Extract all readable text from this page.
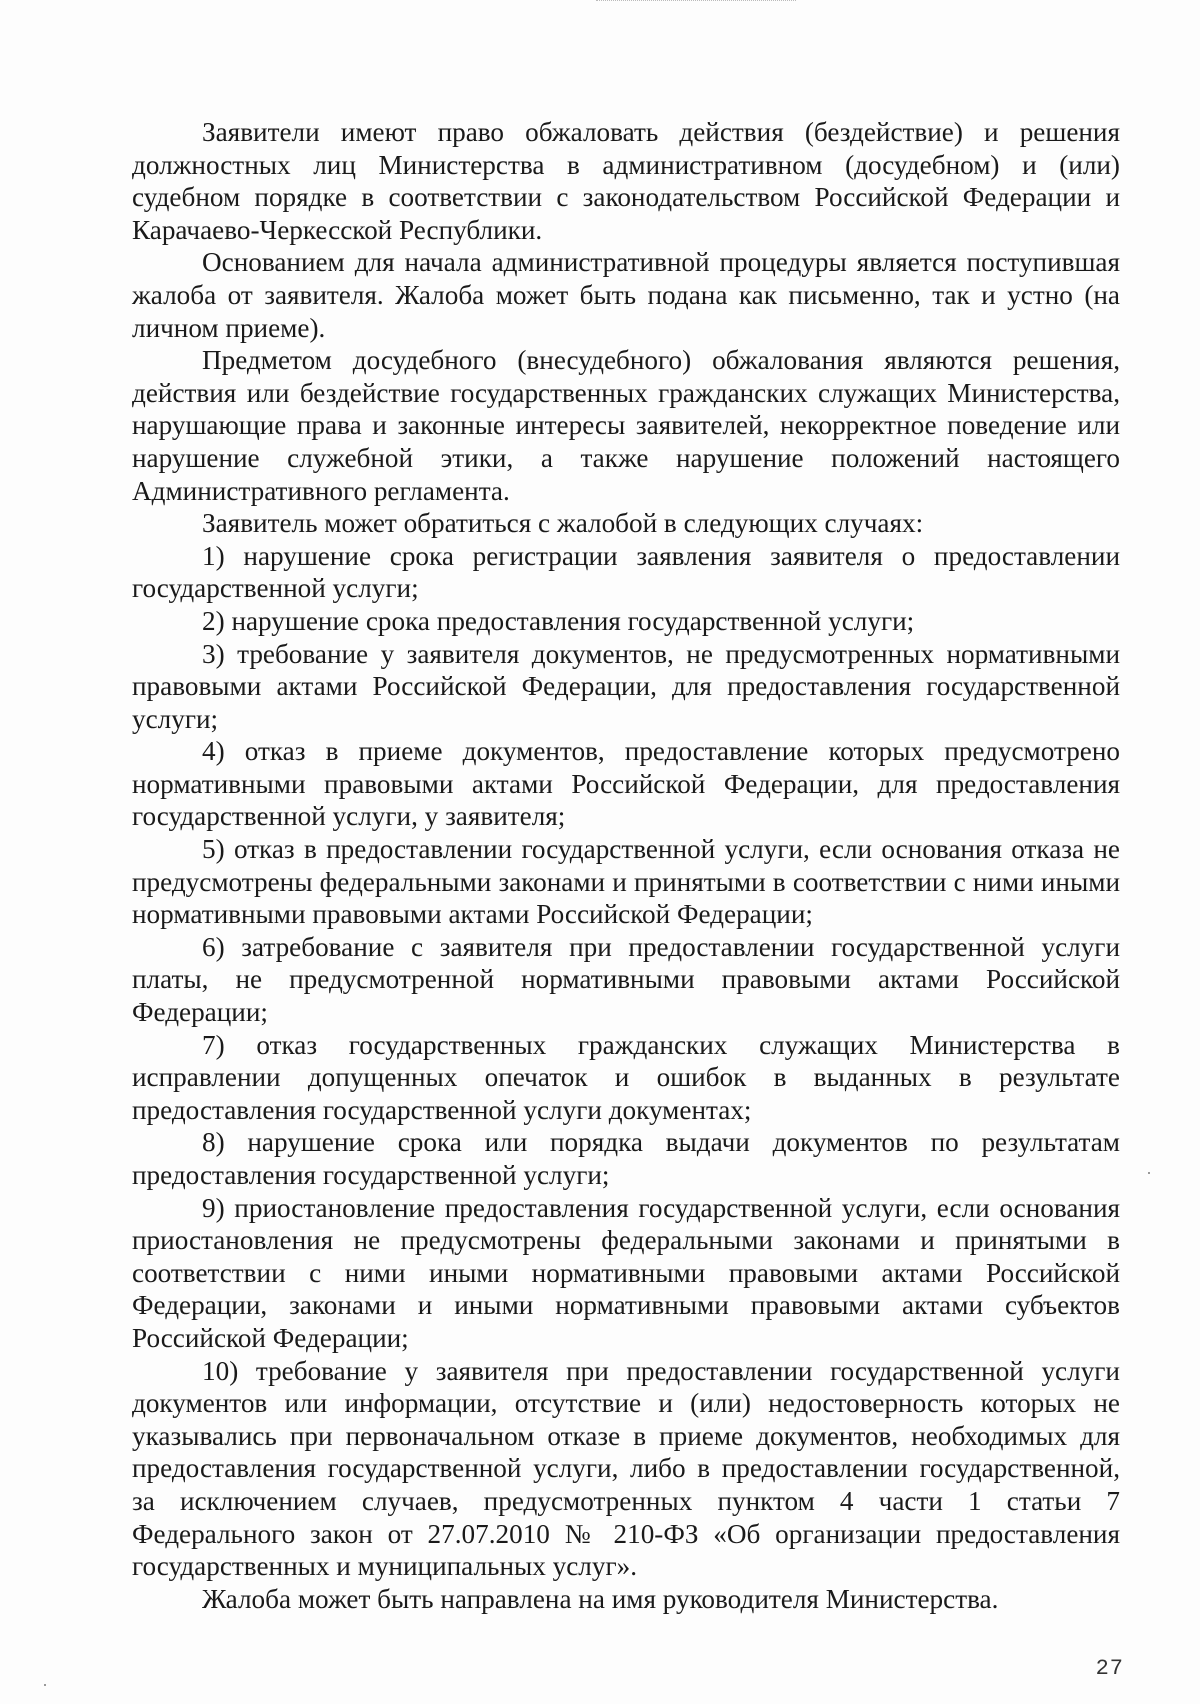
Заявители имеют право обжаловать действия (бездействие) и решения должностных лиц Министерства в административном (досудебном) и (или) судебном порядке в соответствии с законодательством Российской Федерации и Карачаево-Черкесской Республики.

Основанием для начала административной процедуры является поступившая жалоба от заявителя. Жалоба может быть подана как письменно, так и устно (на личном приеме).

Предметом досудебного (внесудебного) обжалования являются решения, действия или бездействие государственных гражданских служащих Министерства, нарушающие права и законные интересы заявителей, некорректное поведение или нарушение служебной этики, а также нарушение положений настоящего Административного регламента.

Заявитель может обратиться с жалобой в следующих случаях:

1) нарушение срока регистрации заявления заявителя о предоставлении государственной услуги;

2) нарушение срока предоставления государственной услуги;

3) требование у заявителя документов, не предусмотренных нормативными правовыми актами Российской Федерации, для предоставления государственной услуги;

4) отказ в приеме документов, предоставление которых предусмотрено нормативными правовыми актами Российской Федерации, для предоставления государственной услуги, у заявителя;

5) отказ в предоставлении государственной услуги, если основания отказа не предусмотрены федеральными законами и принятыми в соответствии с ними иными нормативными правовыми актами Российской Федерации;

6) затребование с заявителя при предоставлении государственной услуги платы, не предусмотренной нормативными правовыми актами Российской Федерации;

7) отказ государственных гражданских служащих Министерства в исправлении допущенных опечаток и ошибок в выданных в результате предоставления государственной услуги документах;

8) нарушение срока или порядка выдачи документов по результатам предоставления государственной услуги;

9) приостановление предоставления государственной услуги, если основания приостановления не предусмотрены федеральными законами и принятыми в соответствии с ними иными нормативными правовыми актами Российской Федерации, законами и иными нормативными правовыми актами субъектов Российской Федерации;

10) требование у заявителя при предоставлении государственной услуги документов или информации, отсутствие и (или) недостоверность которых не указывались при первоначальном отказе в приеме документов, необходимых для предоставления государственной услуги, либо в предоставлении государственной, за исключением случаев, предусмотренных пунктом 4 части 1 статьи 7 Федерального закон от 27.07.2010 № 210-ФЗ «Об организации предоставления государственных и муниципальных услуг».

Жалоба может быть направлена на имя руководителя Министерства.

27
